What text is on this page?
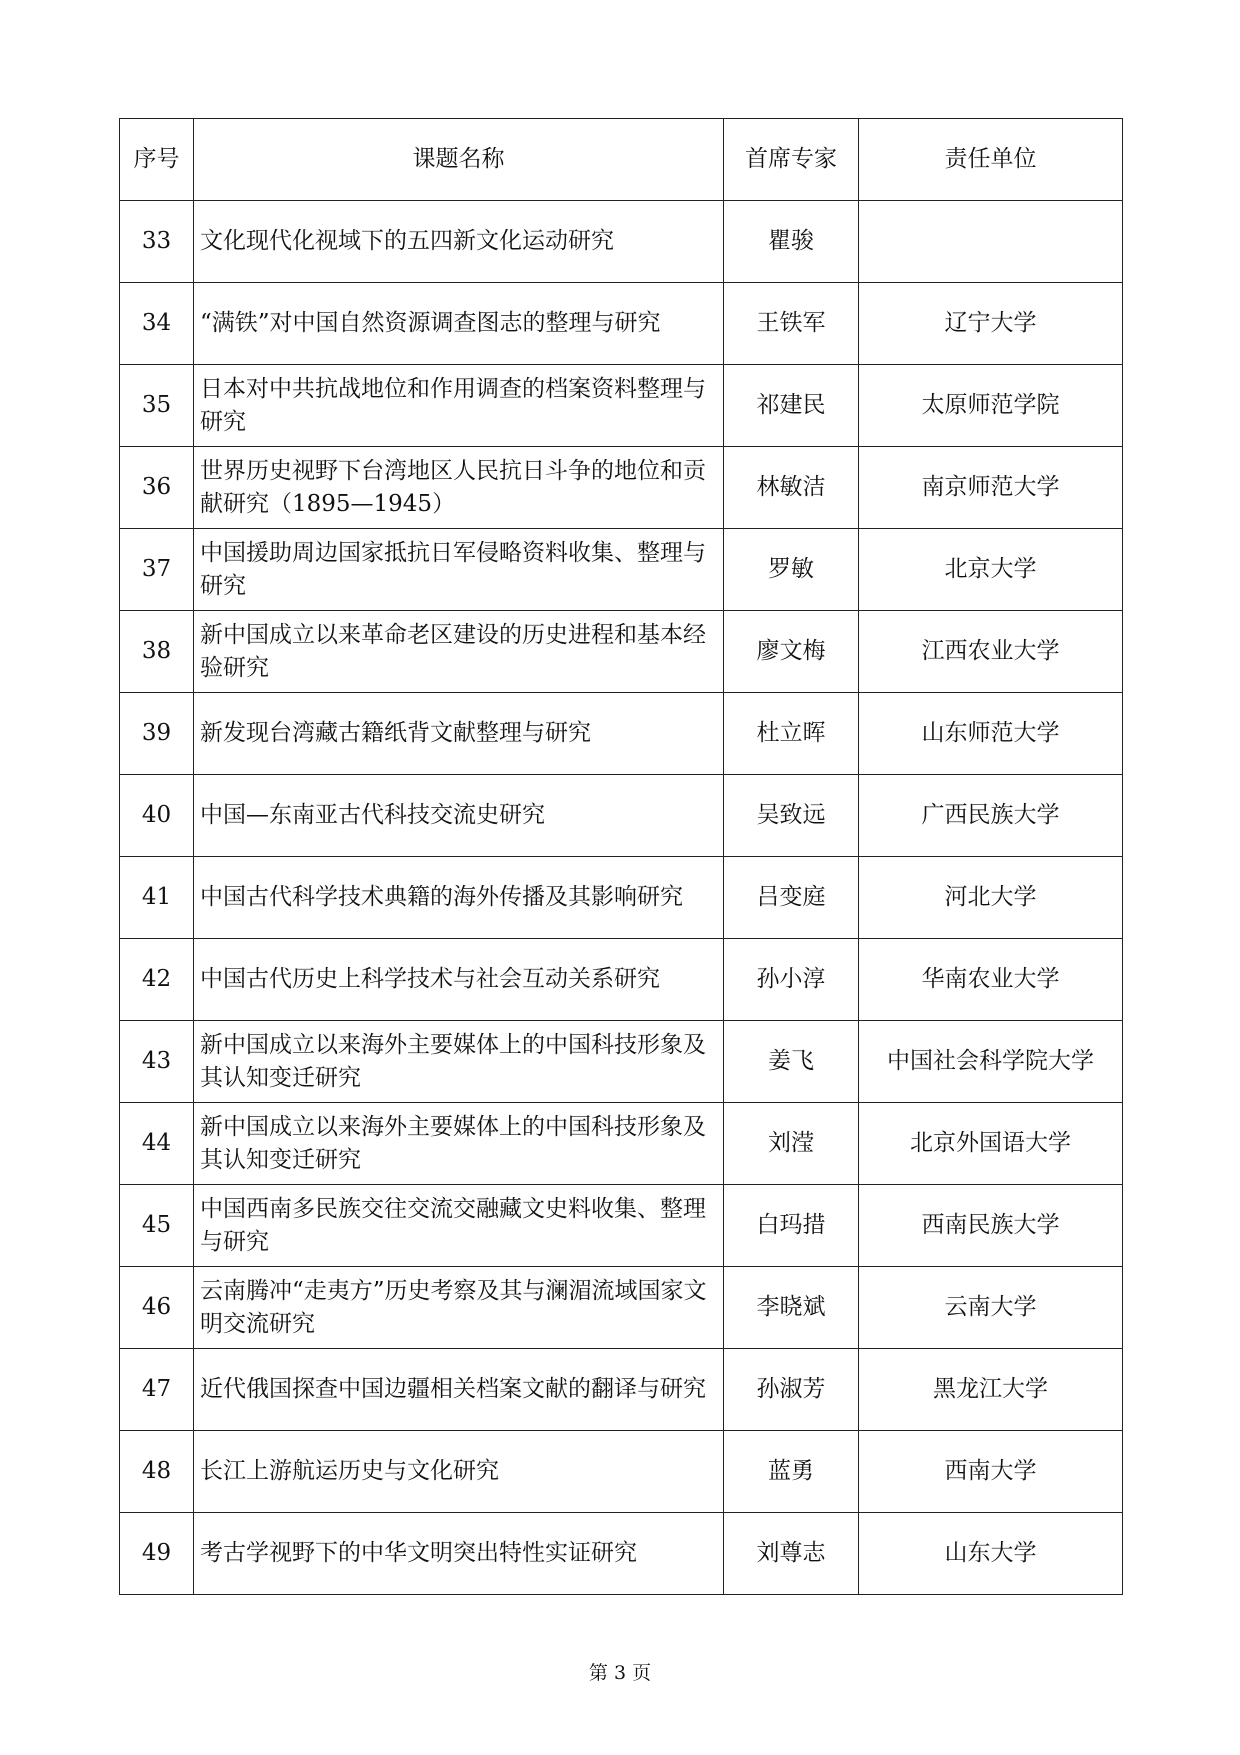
序号	课题名称	首席专家	责任单位
33	文化现代化视域下的五四新文化运动研究	瞿骏	
34	“满铁”对中国自然资源调查图志的整理与研究	王铁军	辽宁大学
35	日本对中共抗战地位和作用调查的档案资料整理与研究	祁建民	太原师范学院
36	世界历史视野下台湾地区人民抗日斗争的地位和贡献研究（1895—1945）	林敏洁	南京师范大学
37	中国援助周边国家抵抗日军侵略资料收集、整理与研究	罗敏	北京大学
38	新中国成立以来革命老区建设的历史进程和基本经验研究	廖文梅	江西农业大学
39	新发现台湾藏古籍纸背文献整理与研究	杜立晖	山东师范大学
40	中国—东南亚古代科技交流史研究	吴致远	广西民族大学
41	中国古代科学技术典籍的海外传播及其影响研究	吕变庭	河北大学
42	中国古代历史上科学技术与社会互动关系研究	孙小淳	华南农业大学
43	新中国成立以来海外主要媒体上的中国科技形象及其认知变迁研究	姜飞	中国社会科学院大学
44	新中国成立以来海外主要媒体上的中国科技形象及其认知变迁研究	刘滢	北京外国语大学
45	中国西南多民族交往交流交融藏文史料收集、整理与研究	白玛措	西南民族大学
46	云南腾冲“走夷方”历史考察及其与澜湄流域国家文明交流研究	李晓斌	云南大学
47	近代俄国探查中国边疆相关档案文献的翻译与研究	孙淑芳	黑龙江大学
48	长江上游航运历史与文化研究	蓝勇	西南大学
49	考古学视野下的中华文明突出特性实证研究	刘尊志	山东大学
第 3 页
